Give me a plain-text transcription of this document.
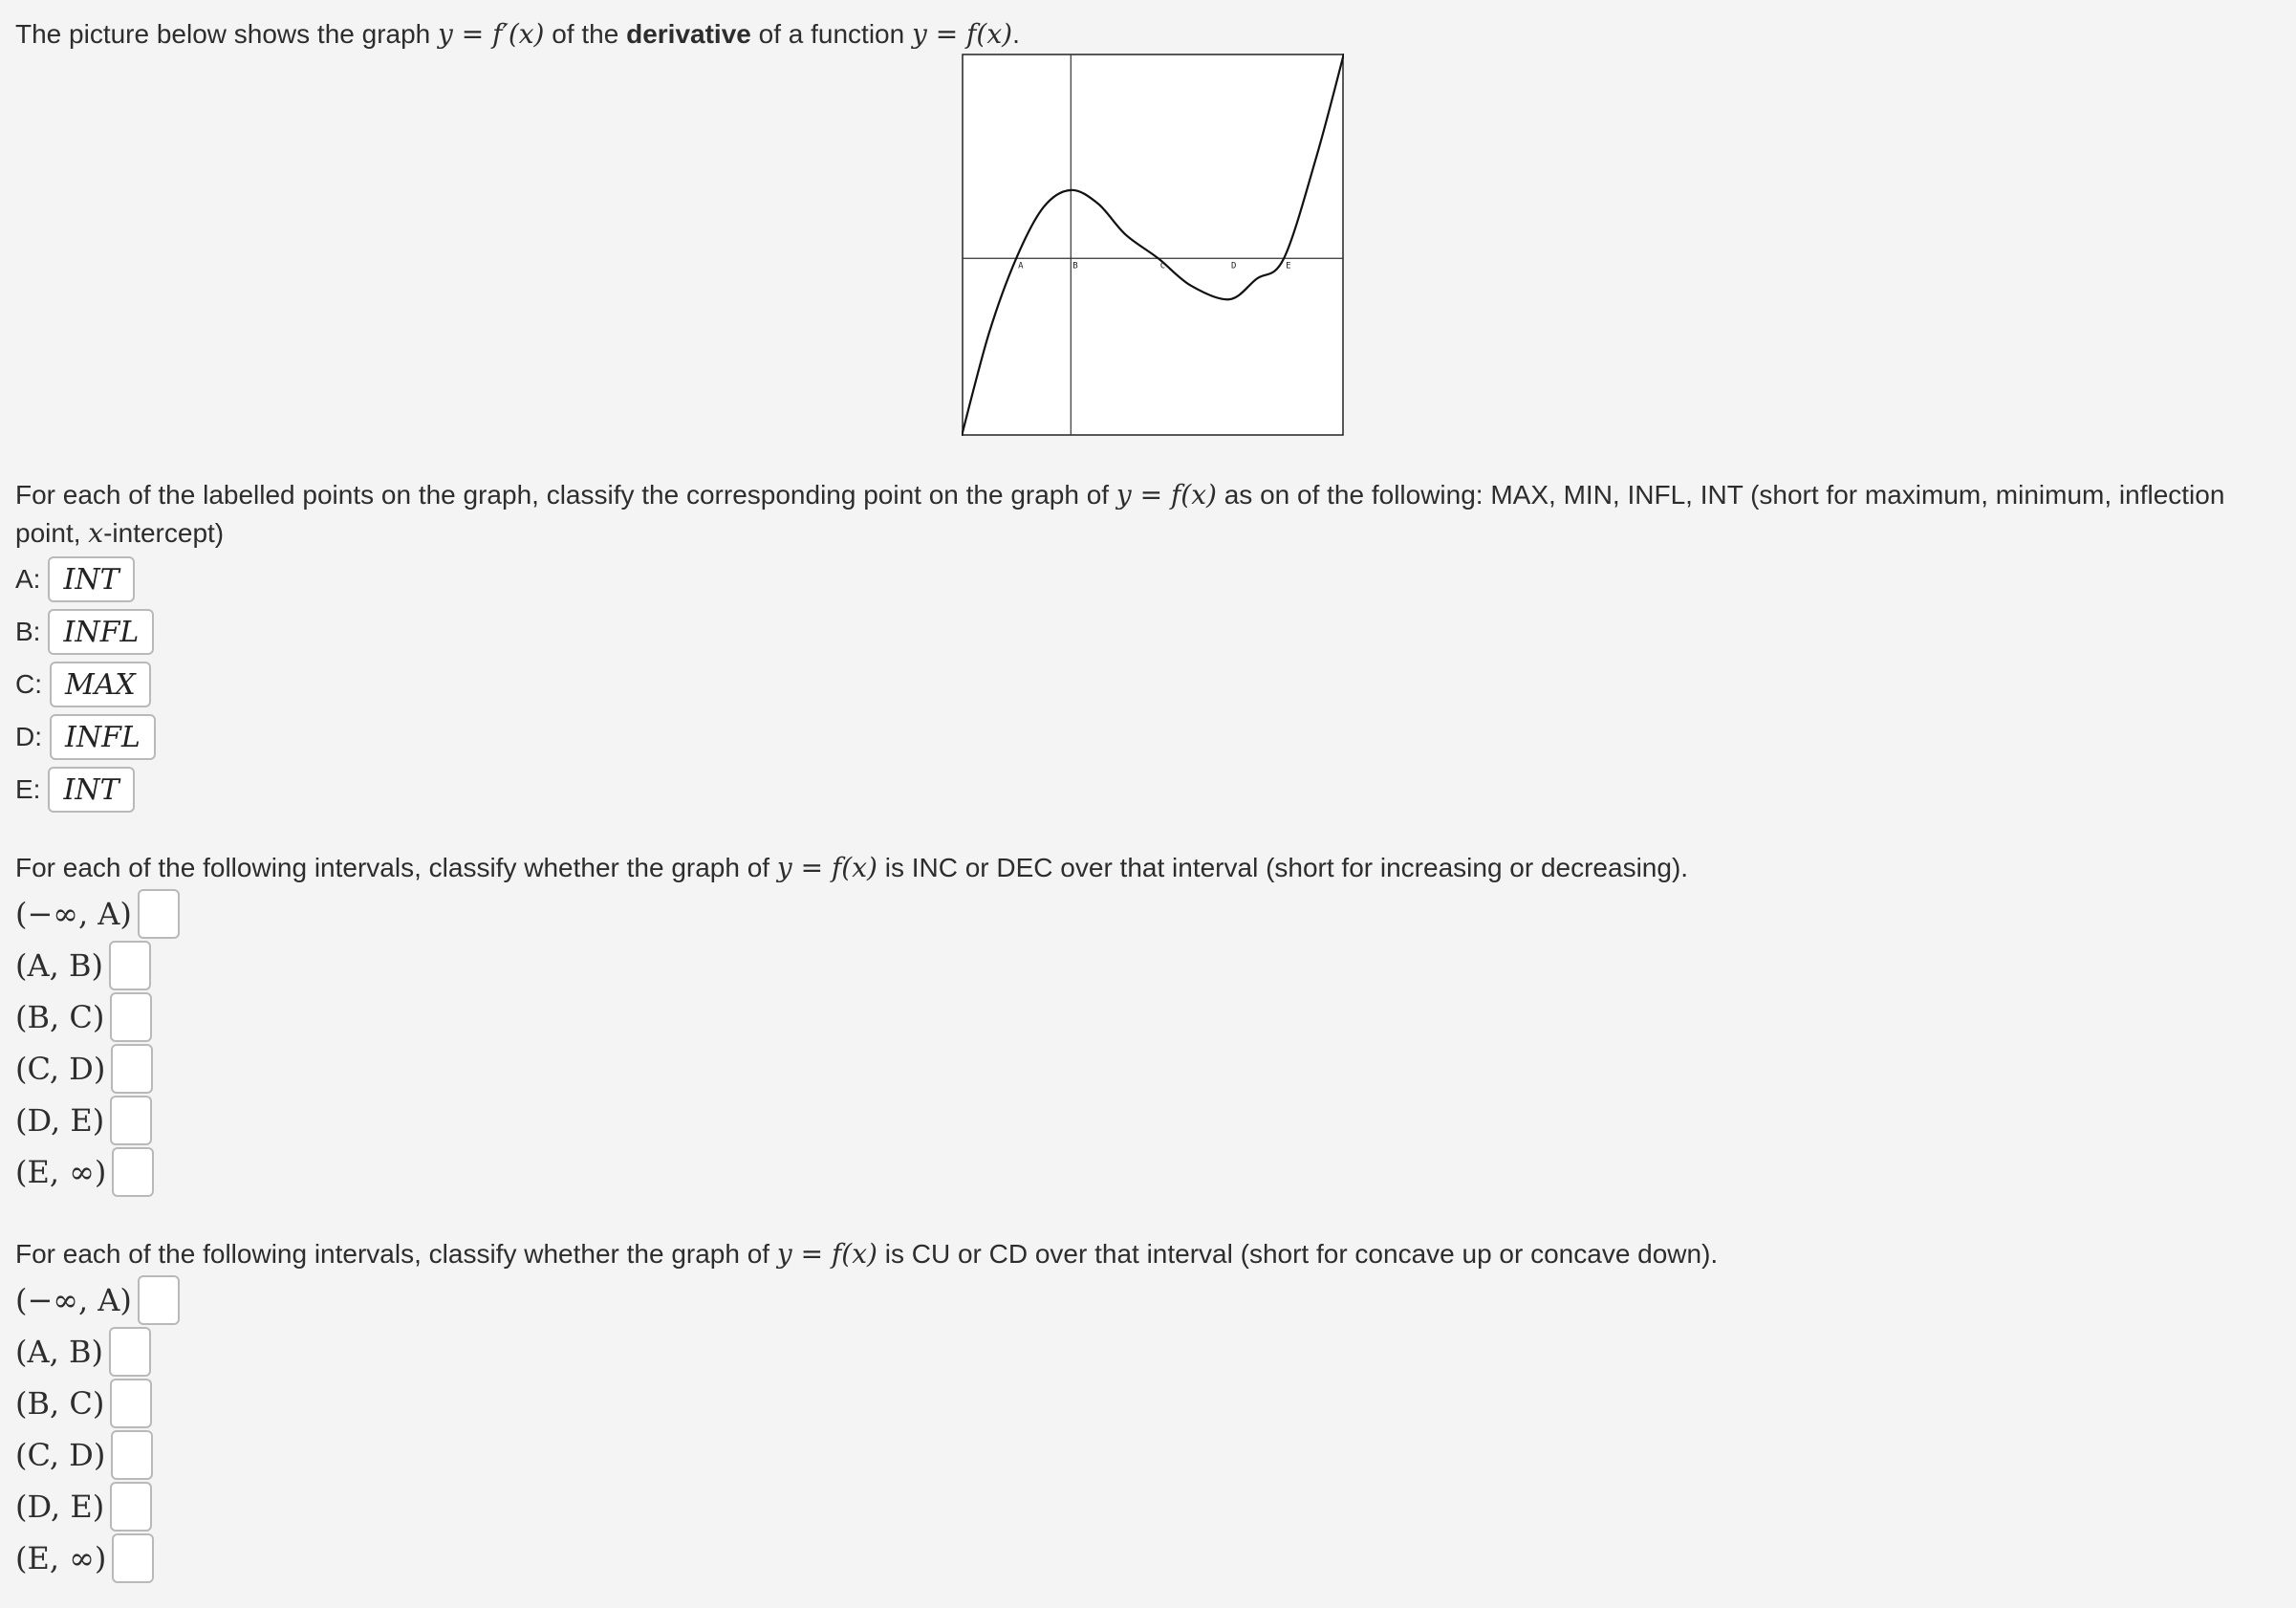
The picture below shows the graph y = f′(x) of the derivative of a function y = f(x).
A	B	C	D	E
For each of the labelled points on the graph, classify the corresponding point on the graph of y = f(x) as on of the following: MAX, MIN, INFL, INT (short for maximum, minimum, inflection point, x-intercept)
A: INT
B: INFL
C: MAX
D: INFL
E: INT
For each of the following intervals, classify whether the graph of y = f(x) is INC or DEC over that interval (short for increasing or decreasing).
(−∞, A)
(A, B)
(B, C)
(C, D)
(D, E)
(E, ∞)
For each of the following intervals, classify whether the graph of y = f(x) is CU or CD over that interval (short for concave up or concave down).
(−∞, A)
(A, B)
(B, C)
(C, D)
(D, E)
(E, ∞)
